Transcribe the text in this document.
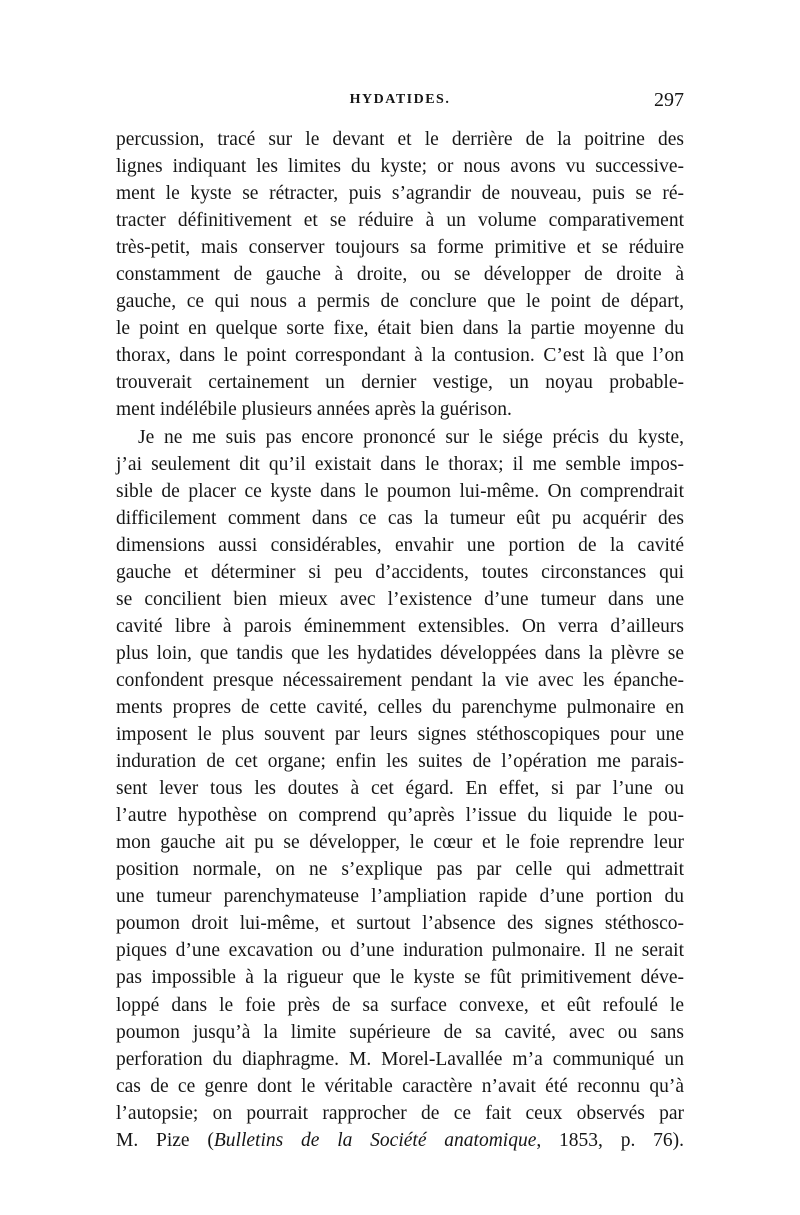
HYDATIDES.	297
percussion, tracé sur le devant et le derrière de la poitrine des
lignes indiquant les limites du kyste; or nous avons vu successive-
ment le kyste se rétracter, puis s’agrandir de nouveau, puis se ré-
tracter définitivement et se réduire à un volume comparativement
très-petit, mais conserver toujours sa forme primitive et se réduire
constamment de gauche à droite, ou se développer de droite à
gauche, ce qui nous a permis de conclure que le point de départ,
le point en quelque sorte fixe, était bien dans la partie moyenne du
thorax, dans le point correspondant à la contusion. C’est là que l’on
trouverait certainement un dernier vestige, un noyau probable-
ment indélébile plusieurs années après la guérison.
Je ne me suis pas encore prononcé sur le siége précis du kyste,
j’ai seulement dit qu’il existait dans le thorax; il me semble impos-
sible de placer ce kyste dans le poumon lui-même. On comprendrait
difficilement comment dans ce cas la tumeur eût pu acquérir des
dimensions aussi considérables, envahir une portion de la cavité
gauche et déterminer si peu d’accidents, toutes circonstances qui
se concilient bien mieux avec l’existence d’une tumeur dans une
cavité libre à parois éminemment extensibles. On verra d’ailleurs
plus loin, que tandis que les hydatides développées dans la plèvre se
confondent presque nécessairement pendant la vie avec les épanche-
ments propres de cette cavité, celles du parenchyme pulmonaire en
imposent le plus souvent par leurs signes stéthoscopiques pour une
induration de cet organe; enfin les suites de l’opération me parais-
sent lever tous les doutes à cet égard. En effet, si par l’une ou
l’autre hypothèse on comprend qu’après l’issue du liquide le pou-
mon gauche ait pu se développer, le cœur et le foie reprendre leur
position normale, on ne s’explique pas par celle qui admettrait
une tumeur parenchymateuse l’ampliation rapide d’une portion du
poumon droit lui-même, et surtout l’absence des signes stéthosco-
piques d’une excavation ou d’une induration pulmonaire. Il ne serait
pas impossible à la rigueur que le kyste se fût primitivement déve-
loppé dans le foie près de sa surface convexe, et eût refoulé le
poumon jusqu’à la limite supérieure de sa cavité, avec ou sans
perforation du diaphragme. M. Morel-Lavallée m’a communiqué un
cas de ce genre dont le véritable caractère n’avait été reconnu qu’à
l’autopsie; on pourrait rapprocher de ce fait ceux observés par
M. Pize (Bulletins de la Société anatomique, 1853, p. 76).
